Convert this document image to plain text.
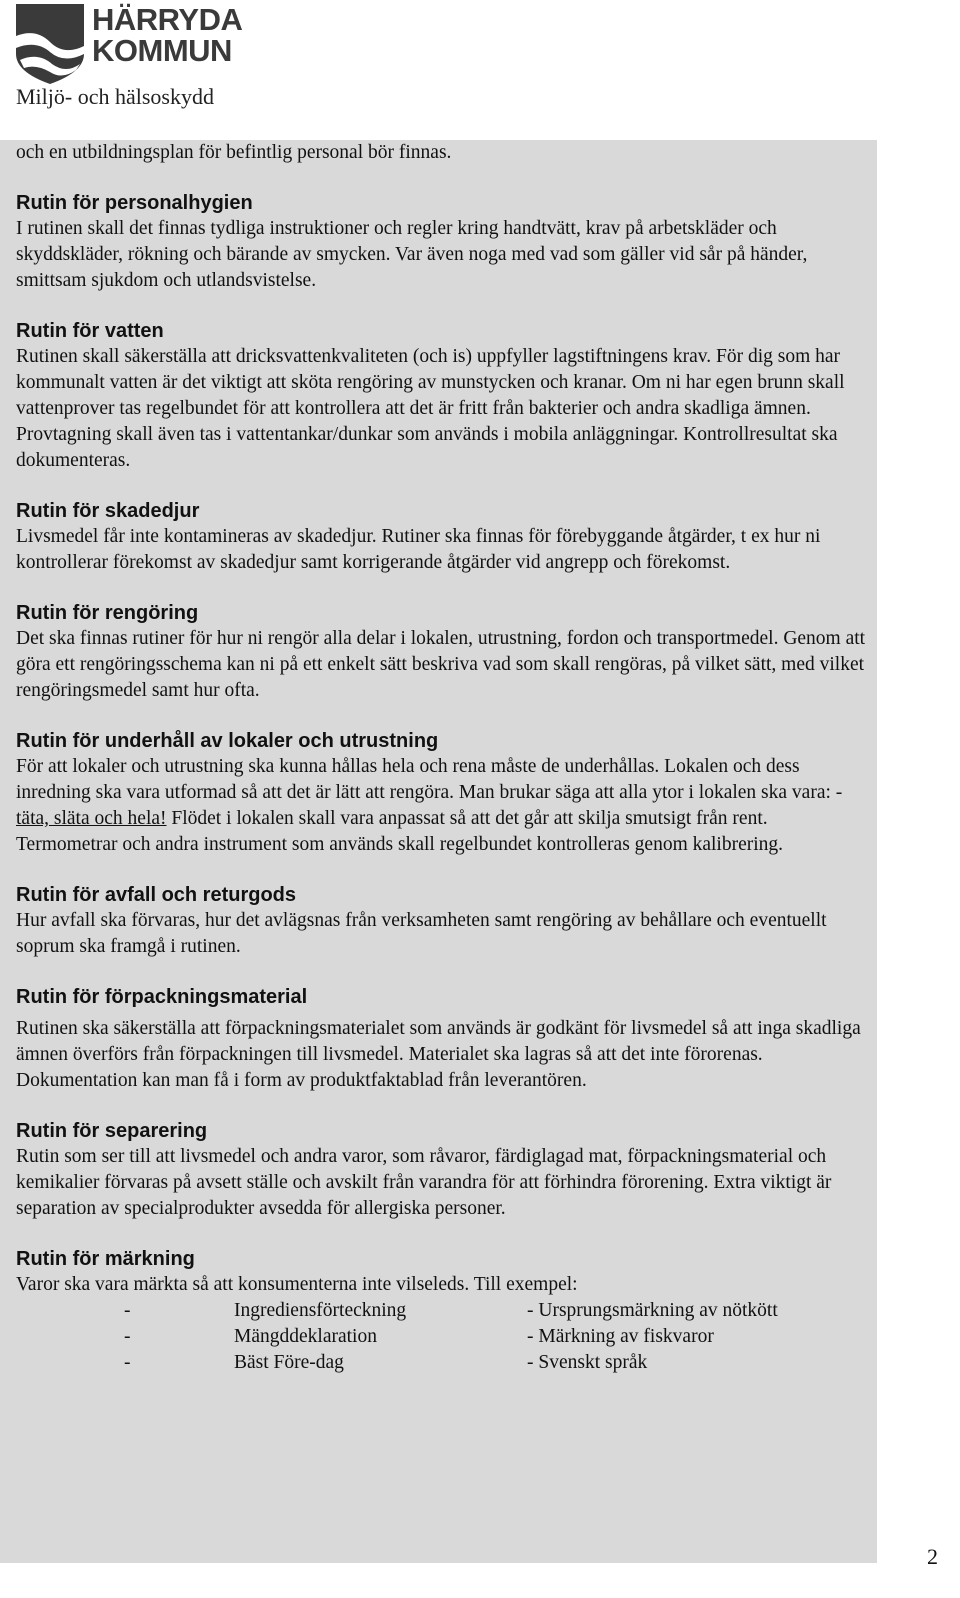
HÄRRYDA
KOMMUN
Miljö- och hälsoskydd

och en utbildningsplan för befintlig personal bör finnas.

Rutin för personalhygien

I rutinen skall det finnas tydliga instruktioner och regler kring handtvätt, krav på arbetskläder och skyddskläder, rökning och bärande av smycken. Var även noga med vad som gäller vid sår på händer, smittsam sjukdom och utlandsvistelse.

Rutin för vatten

Rutinen skall säkerställa att dricksvattenkvaliteten (och is) uppfyller lagstiftningens krav. För dig som har kommunalt vatten är det viktigt att sköta rengöring av munstycken och kranar. Om ni har egen brunn skall vattenprover tas regelbundet för att kontrollera att det är fritt från bakterier och andra skadliga ämnen. Provtagning skall även tas i vattentankar/dunkar som används i mobila anläggningar. Kontrollresultat ska dokumenteras.

Rutin för skadedjur

Livsmedel får inte kontamineras av skadedjur. Rutiner ska finnas för förebyggande åtgärder, t ex hur ni kontrollerar förekomst av skadedjur samt korrigerande åtgärder vid angrepp och förekomst.

Rutin för rengöring

Det ska finnas rutiner för hur ni rengör alla delar i lokalen, utrustning, fordon och transportmedel. Genom att göra ett rengöringsschema kan ni på ett enkelt sätt beskriva vad som skall rengöras, på vilket sätt, med vilket rengöringsmedel samt hur ofta.

Rutin för underhåll av lokaler och utrustning

För att lokaler och utrustning ska kunna hållas hela och rena måste de underhållas. Lokalen och dess inredning ska vara utformad så att det är lätt att rengöra. Man brukar säga att alla ytor i lokalen ska vara: - täta, släta och hela! Flödet i lokalen skall vara anpassat så att det går att skilja smutsigt från rent. Termometrar och andra instrument som används skall regelbundet kontrolleras genom kalibrering.

Rutin för avfall och returgods

Hur avfall ska förvaras, hur det avlägsnas från verksamheten samt rengöring av behållare och eventuellt soprum ska framgå i rutinen.

Rutin för förpackningsmaterial

Rutinen ska säkerställa att förpackningsmaterialet som används är godkänt för livsmedel så att inga skadliga ämnen överförs från förpackningen till livsmedel. Materialet ska lagras så att det inte förorenas. Dokumentation kan man få i form av produktfaktablad från leverantören.

Rutin för separering

Rutin som ser till att livsmedel och andra varor, som råvaror, färdiglagad mat, förpackningsmaterial och kemikalier förvaras på avsett ställe och avskilt från varandra för att förhindra förorening. Extra viktigt är separation av specialprodukter avsedda för allergiska personer.

Rutin för märkning

Varor ska vara märkta så att konsumenterna inte vilseleds. Till exempel:

-	Ingrediensförteckning	- Ursprungsmärkning av nötkött
-	Mängddeklaration	- Märkning av fiskvaror
-	Bäst Före-dag	- Svenskt språk
2
